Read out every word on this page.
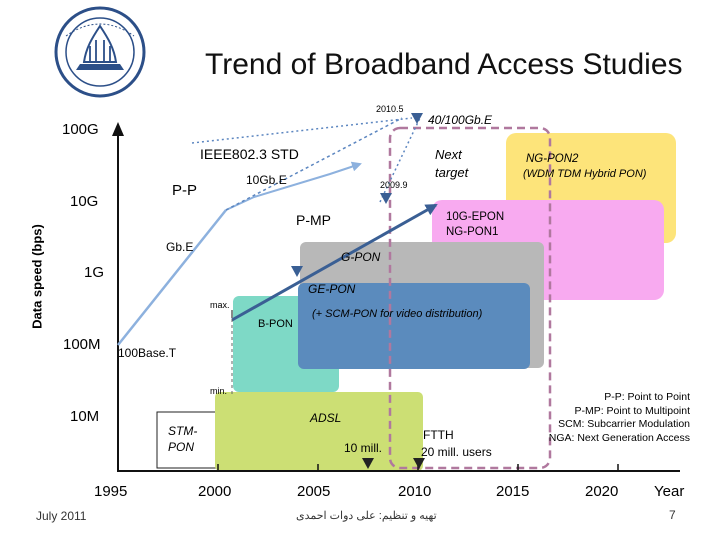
Trend of Broadband Access Studies
100G
10G
1G
100M
10M
Data speed (bps)
1995	2000	2005	2010	2015	2020 Year
IEEE802.3 STD
P-P
10Gb.E
Gb.E
100Base.T
max.
min.
2010.5
2009.9
40/100Gb.E
Next
target
NG-PON2
(WDM TDM Hybrid PON)
10G-EPON
NG-PON1
P-MP
G-PON
GE-PON
B-PON
(+ SCM-PON for video distribution)
STM-
PON
ADSL
10 mill.
FTTH
20 mill. users
P-P: Point to Point
P-MP: Point to Multipoint
SCM: Subcarrier Modulation
NGA: Next Generation Access
July 2011	تهیه و تنظیم: علی دوات احمدی	7
